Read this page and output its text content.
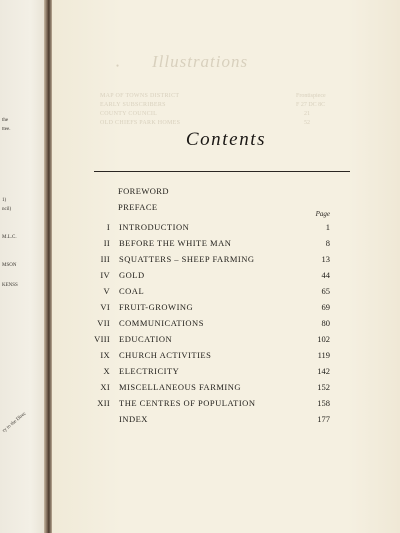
the
ttee.
1)
ncil)
M.L.C.
MSON
KENSS
ry to the Direc
● Illustrations
MAP OF TOWNS DISTRICT	Frontispiece
EARLY SUBSCRIBERS	F 27 DC 8C
COUNTY COUNCIL	21
OLD CHIEFS PARK HOMES	52
Contents
FOREWORD
PREFACE
Page
I INTRODUCTION	1
II BEFORE THE WHITE MAN	8
III SQUATTERS – SHEEP FARMING	13
IV GOLD	44
V COAL	65
VI FRUIT-GROWING	69
VII COMMUNICATIONS	80
VIII EDUCATION	102
IX CHURCH ACTIVITIES	119
X ELECTRICITY	142
XI MISCELLANEOUS FARMING	152
XII THE CENTRES OF POPULATION	158
INDEX	177
